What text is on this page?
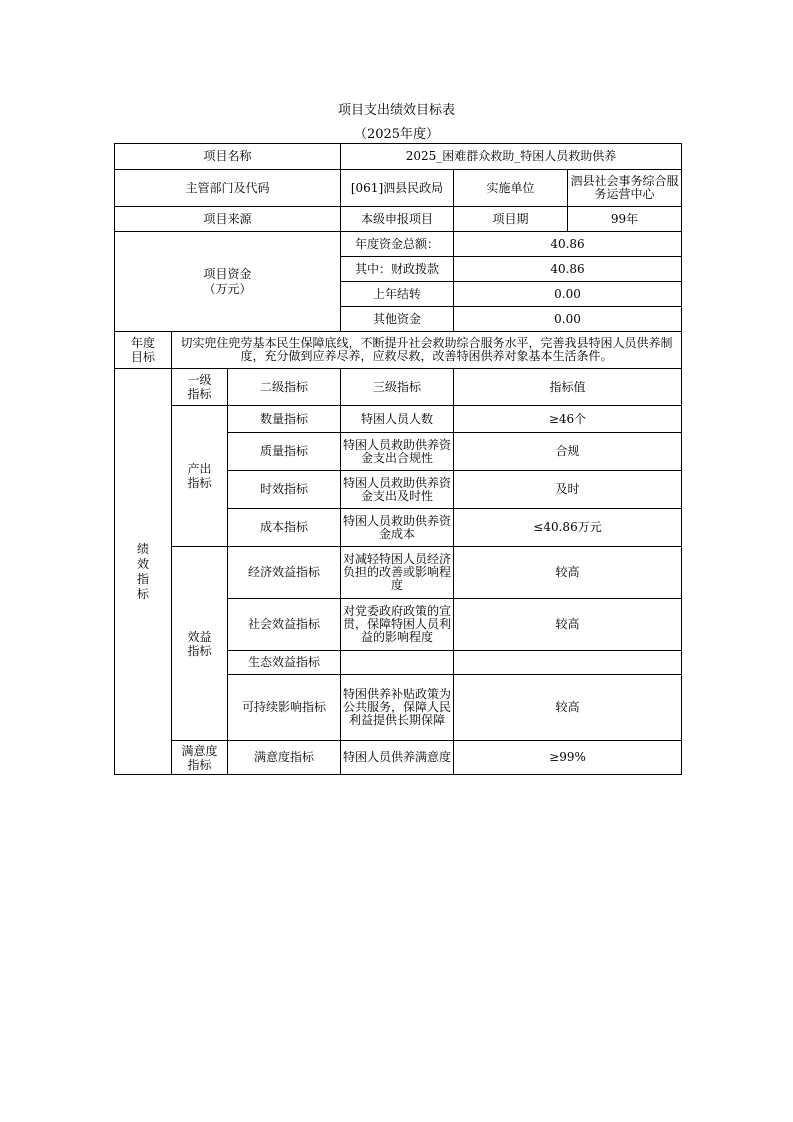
项目支出绩效目标表
（2025年度）
项目名称			2025_困难群众救助_特困人员救助供养		
主管部门及代码			[061]泗县民政局	实施单位	泗县社会事务综合服务运营中心
项目来源			本级申报项目	项目期	99年

项目资金（万元）			年度资金总额：	40.86	
			其中：财政拨款	40.86	
			上年结转	0.00	
			其他资金	0.00	

年度目标	切实兜住兜劳基本民生保障底线，不断提升社会救助综合服务水平，完善我县特困人员供养制度，充分做到应养尽养，应救尽救，改善特困供养对象基本生活条件。				

绩效指标	一级指标	二级指标	三级指标	指标值	

	产出指标	数量指标	特困人员人数	≥46个	
		质量指标	特困人员救助供养资金支出合规性	合规	
		时效指标	特困人员救助供养资金支出及时性	及时	
		成本指标	特困人员救助供养资金成本	≤40.86万元	

	效益指标	经济效益指标	对减轻特困人员经济负担的改善或影响程度	较高	
		社会效益指标	对党委政府政策的宣贯，保障特困人员利益的影响程度	较高	
		生态效益指标			
		可持续影响指标	特困供养补贴政策为公共服务，保障人民利益提供长期保障	较高	

	满意度指标	满意度指标	特困人员供养满意度	≥99%	
